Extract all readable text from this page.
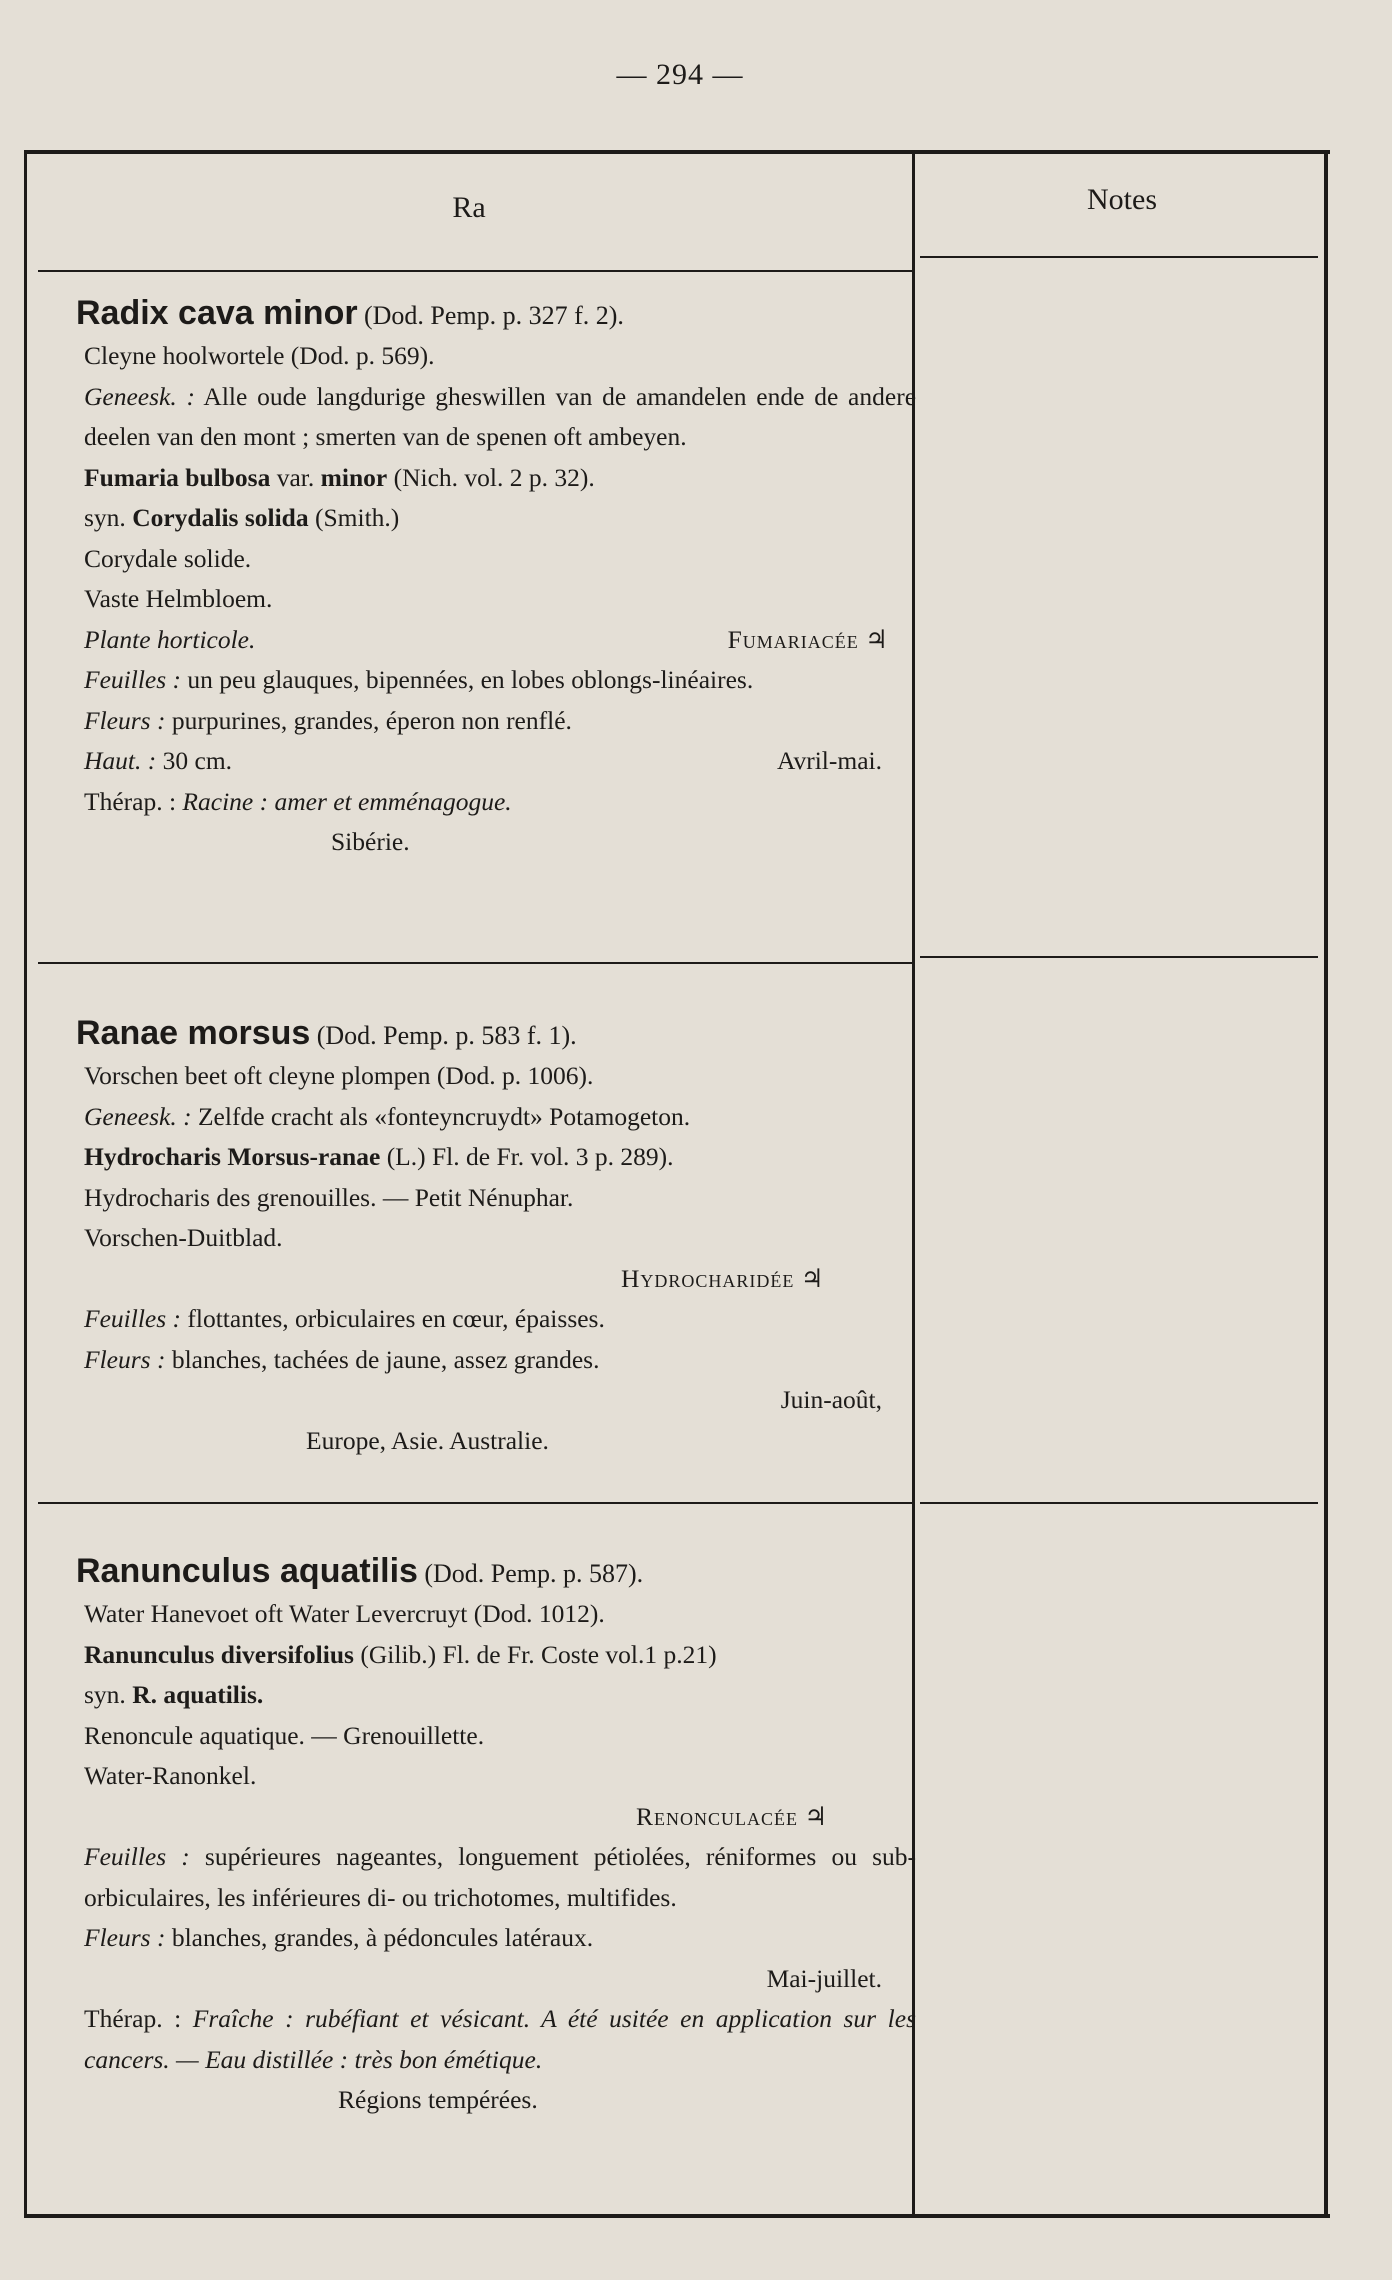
— 294 —
Ra	Notes
Radix cava minor (Dod. Pemp. p. 327 f. 2).
Cleyne hoolwortele (Dod. p. 569).
Geneesk. : Alle oude langdurige gheswillen van de amandelen ende de andere deelen van den mont ; smerten van de spenen oft ambeyen.
Fumaria bulbosa var. minor (Nich. vol. 2 p. 32).
syn. Corydalis solida (Smith.)
Corydale solide.
Vaste Helmbloem.
Plante horticole.	Fumariacée ♃
Feuilles : un peu glauques, bipennées, en lobes oblongs-linéaires.
Fleurs : purpurines, grandes, éperon non renflé.
Haut. : 30 cm.	Avril-mai.
Thérap. : Racine : amer et emménagogue.
Sibérie.
Ranae morsus (Dod. Pemp. p. 583 f. 1).
Vorschen beet oft cleyne plompen (Dod. p. 1006).
Geneesk. : Zelfde cracht als «fonteyncruydt» Potamogeton.
Hydrocharis Morsus-ranae (L.) Fl. de Fr. vol. 3 p. 289).
Hydrocharis des grenouilles. — Petit Nénuphar.
Vorschen-Duitblad.
Hydrocharidée ♃
Feuilles : flottantes, orbiculaires en cœur, épaisses.
Fleurs : blanches, tachées de jaune, assez grandes.
Juin-août,
Europe, Asie. Australie.
Ranunculus aquatilis (Dod. Pemp. p. 587).
Water Hanevoet oft Water Levercruyt (Dod. 1012).
Ranunculus diversifolius (Gilib.) Fl. de Fr. Coste vol.1 p.21)
syn. R. aquatilis.
Renoncule aquatique. — Grenouillette.
Water-Ranonkel.
Renonculacée ♃
Feuilles : supérieures nageantes, longuement pétiolées, réniformes ou sub-orbiculaires, les inférieures di- ou trichotomes, multifides.
Fleurs : blanches, grandes, à pédoncules latéraux.
Mai-juillet.
Thérap. : Fraîche : rubéfiant et vésicant. A été usitée en application sur les cancers. — Eau distillée : très bon émétique.
Régions tempérées.
